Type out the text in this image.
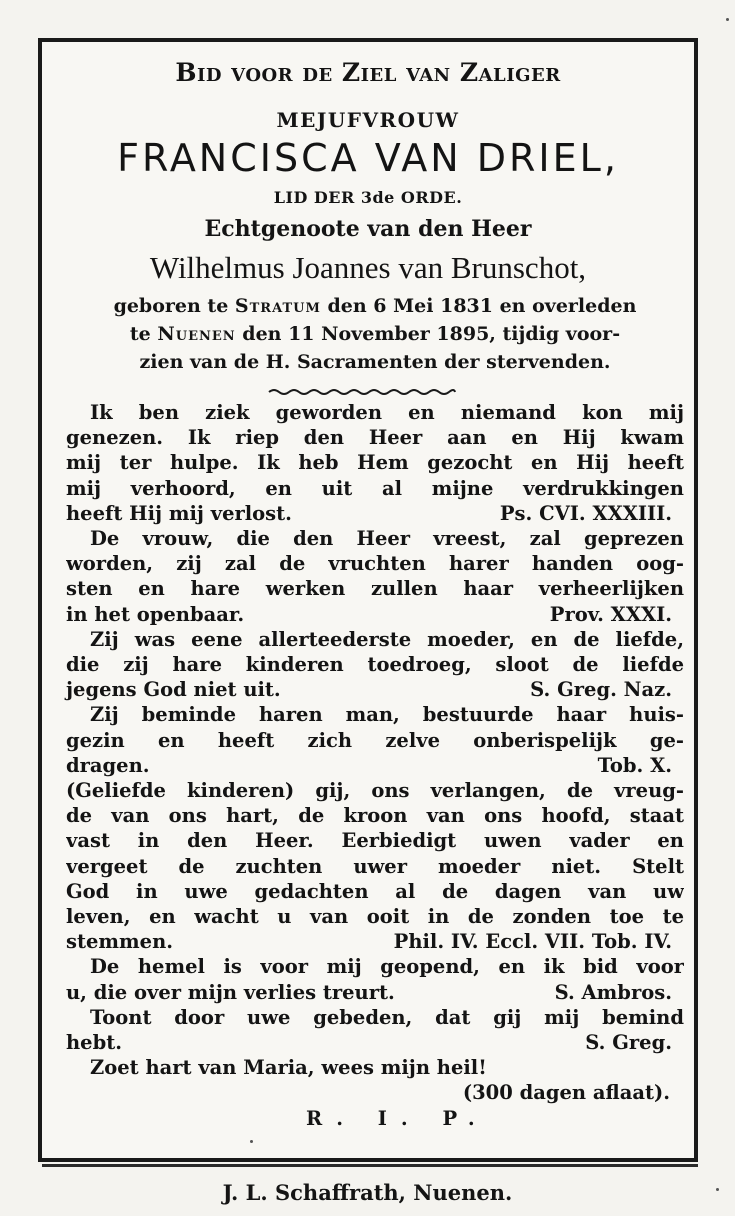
Bid voor de Ziel van Zaliger
MEJUFVROUW
FRANCISCA VAN DRIEL,
LID DER 3de ORDE.
Echtgenoote van den Heer
Wilhelmus Joannes van Brunschot,
geboren te Stratum den 6 Mei 1831 en overleden
te Nuenen den 11 November 1895, tijdig voor-
zien van de H. Sacramenten der stervenden.
Ik ben ziek geworden en niemand kon mij
genezen. Ik riep den Heer aan en Hij kwam
mij ter hulpe. Ik heb Hem gezocht en Hij heeft
mij verhoord, en uit al mijne verdrukkingen
heeft Hij mij verlost.	Ps. CVI. XXXIII.
De vrouw, die den Heer vreest, zal geprezen
worden, zij zal de vruchten harer handen oog-
sten en hare werken zullen haar verheerlijken
in het openbaar.	Prov. XXXI.
Zij was eene allerteederste moeder, en de liefde,
die zij hare kinderen toedroeg, sloot de liefde
jegens God niet uit.	S. Greg. Naz.
Zij beminde haren man, bestuurde haar huis-
gezin en heeft zich zelve onberispelijk ge-
dragen.	Tob. X.
(Geliefde kinderen) gij, ons verlangen, de vreug-
de van ons hart, de kroon van ons hoofd, staat
vast in den Heer. Eerbiedigt uwen vader en
vergeet de zuchten uwer moeder niet. Stelt
God in uwe gedachten al de dagen van uw
leven, en wacht u van ooit in de zonden toe te
stemmen.	Phil. IV. Eccl. VII. Tob. IV.
De hemel is voor mij geopend, en ik bid voor
u, die over mijn verlies treurt.	S. Ambros.
Toont door uwe gebeden, dat gij mij bemind
hebt.	S. Greg.
Zoet hart van Maria, wees mijn heil!
(300 dagen aflaat).
R. I. P.
J. L. Schaffrath, Nuenen.
